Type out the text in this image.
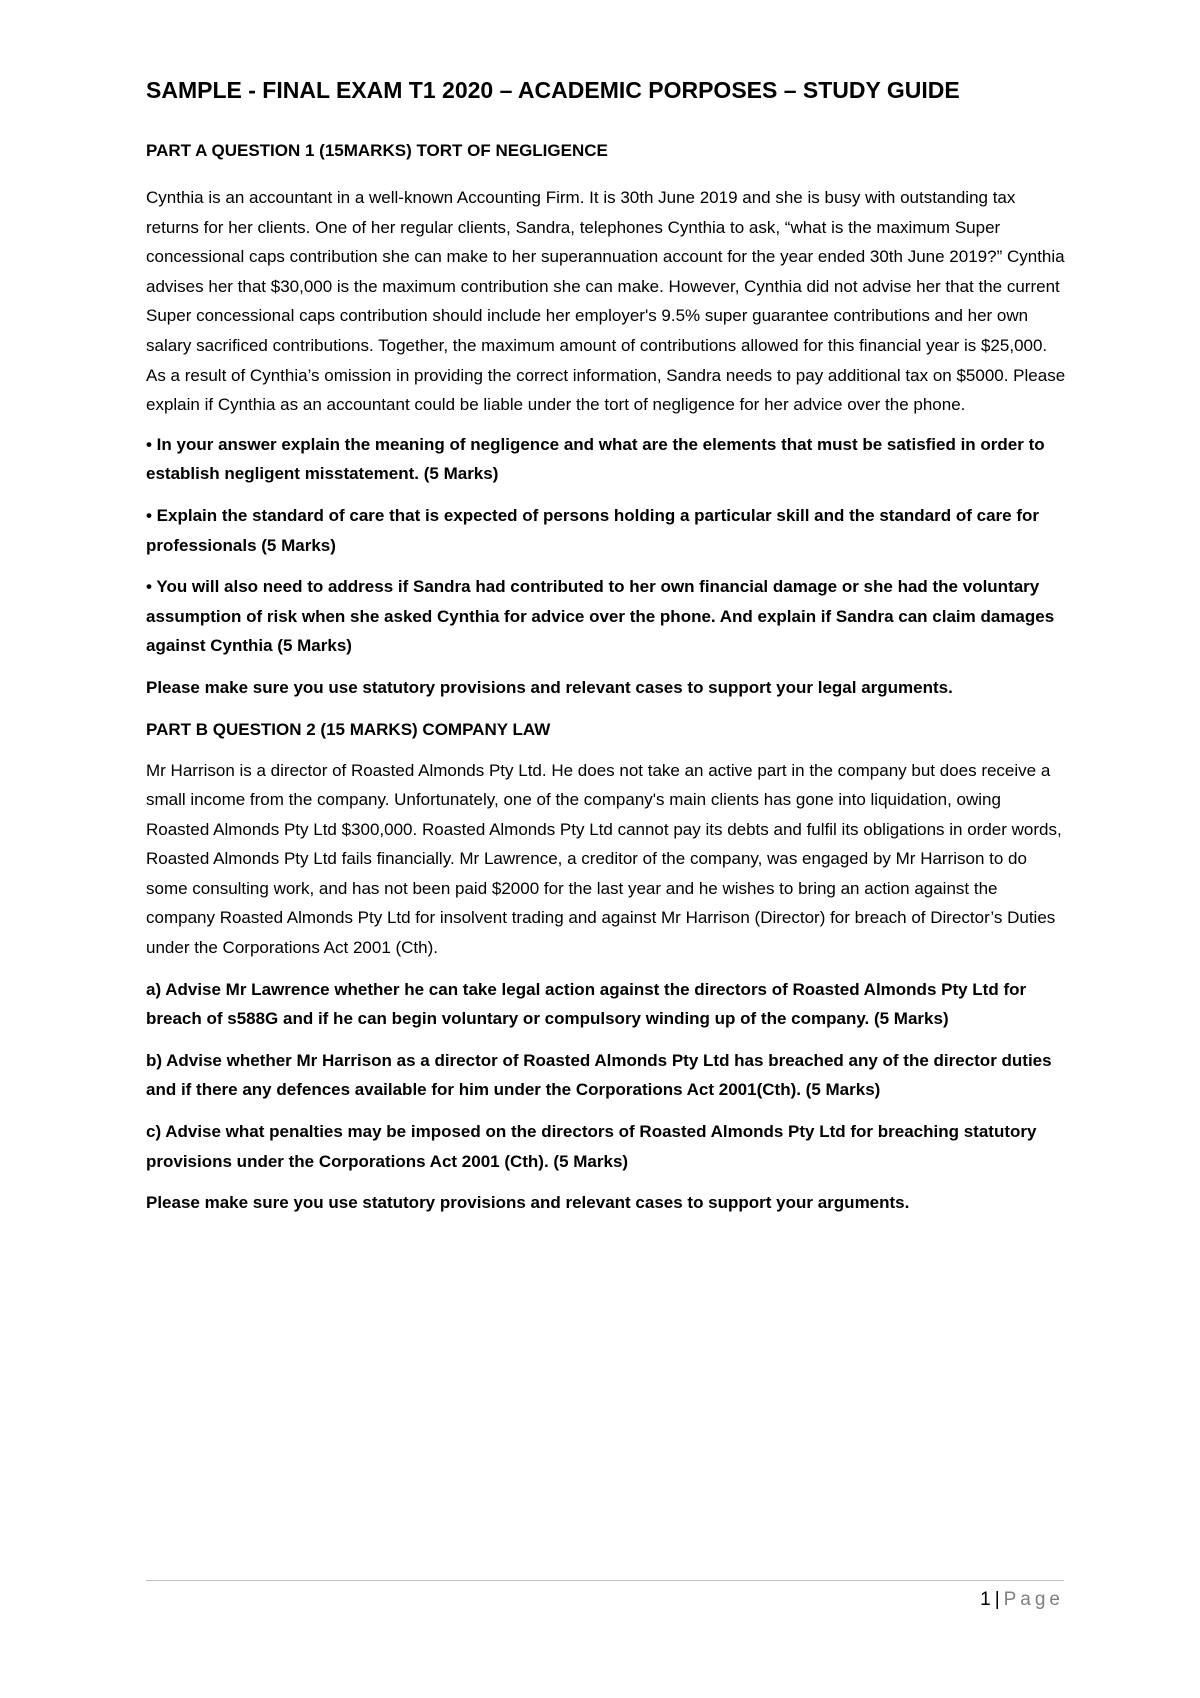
SAMPLE - FINAL EXAM T1 2020 – ACADEMIC PORPOSES – STUDY GUIDE
PART A QUESTION 1 (15MARKS) TORT OF NEGLIGENCE

Cynthia is an accountant in a well-known Accounting Firm. It is 30th June 2019 and she is busy with outstanding tax returns for her clients. One of her regular clients, Sandra, telephones Cynthia to ask, “what is the maximum Super concessional caps contribution she can make to her superannuation account for the year ended 30th June 2019?” Cynthia advises her that $30,000 is the maximum contribution she can make. However, Cynthia did not advise her that the current Super concessional caps contribution should include her employer's 9.5% super guarantee contributions and her own salary sacrificed contributions. Together, the maximum amount of contributions allowed for this financial year is $25,000. As a result of Cynthia’s omission in providing the correct information, Sandra needs to pay additional tax on $5000. Please explain if Cynthia as an accountant could be liable under the tort of negligence for her advice over the phone.

• In your answer explain the meaning of negligence and what are the elements that must be satisfied in order to establish negligent misstatement. (5 Marks)

• Explain the standard of care that is expected of persons holding a particular skill and the standard of care for professionals (5 Marks)

• You will also need to address if Sandra had contributed to her own financial damage or she had the voluntary assumption of risk when she asked Cynthia for advice over the phone. And explain if Sandra can claim damages against Cynthia (5 Marks)

Please make sure you use statutory provisions and relevant cases to support your legal arguments.

PART B QUESTION 2 (15 MARKS) COMPANY LAW

Mr Harrison is a director of Roasted Almonds Pty Ltd. He does not take an active part in the company but does receive a small income from the company. Unfortunately, one of the company's main clients has gone into liquidation, owing Roasted Almonds Pty Ltd $300,000. Roasted Almonds Pty Ltd cannot pay its debts and fulfil its obligations in order words, Roasted Almonds Pty Ltd fails financially. Mr Lawrence, a creditor of the company, was engaged by Mr Harrison to do some consulting work, and has not been paid $2000 for the last year and he wishes to bring an action against the company Roasted Almonds Pty Ltd for insolvent trading and against Mr Harrison (Director) for breach of Director’s Duties under the Corporations Act 2001 (Cth).

a) Advise Mr Lawrence whether he can take legal action against the directors of Roasted Almonds Pty Ltd for breach of s588G and if he can begin voluntary or compulsory winding up of the company. (5 Marks)

b) Advise whether Mr Harrison as a director of Roasted Almonds Pty Ltd has breached any of the director duties and if there any defences available for him under the Corporations Act 2001(Cth). (5 Marks)

c) Advise what penalties may be imposed on the directors of Roasted Almonds Pty Ltd for breaching statutory provisions under the Corporations Act 2001 (Cth). (5 Marks)

Please make sure you use statutory provisions and relevant cases to support your arguments.

1 | Page
